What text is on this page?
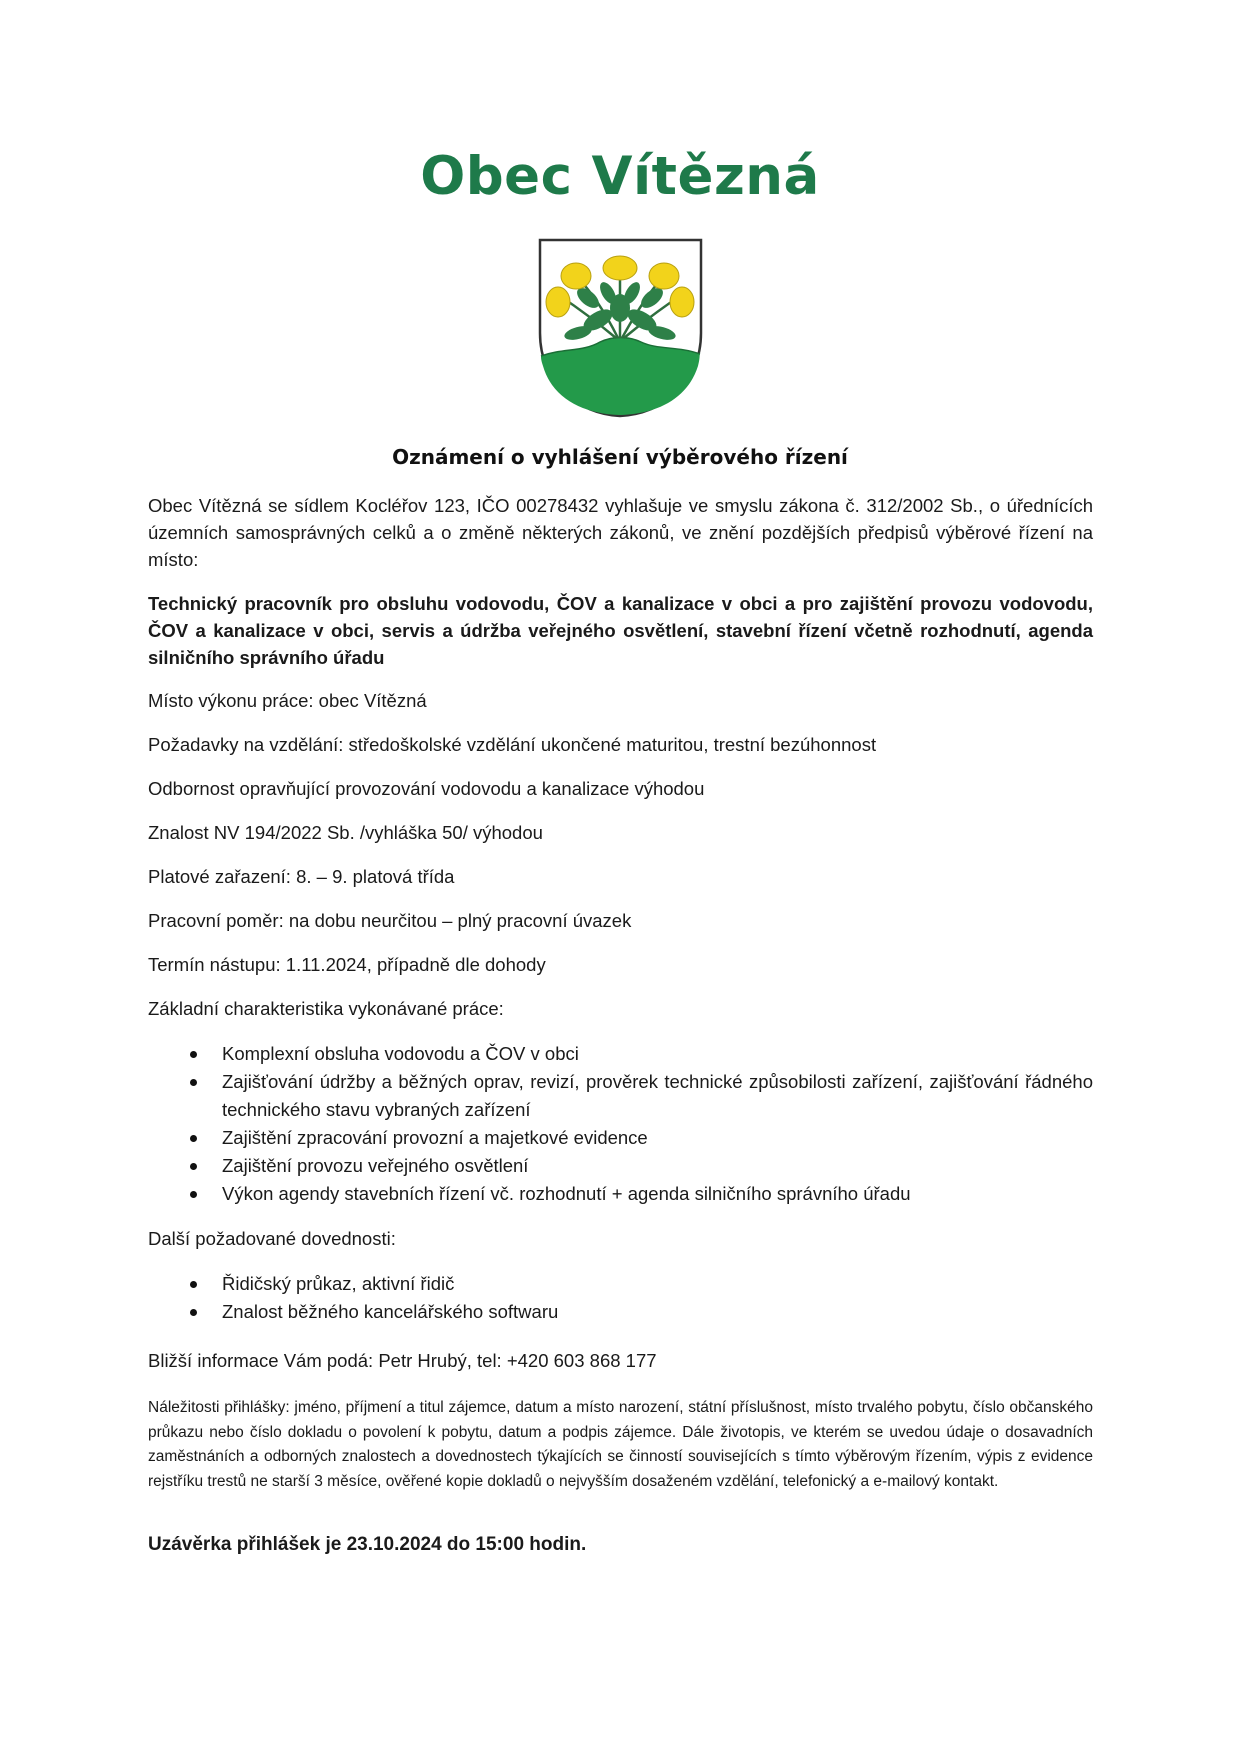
Obec Vítězná
Oznámení o vyhlášení výběrového řízení
Obec Vítězná se sídlem Kocléřov 123, IČO 00278432 vyhlašuje ve smyslu zákona č. 312/2002 Sb., o úřednících územních samosprávných celků a o změně některých zákonů, ve znění pozdějších předpisů výběrové řízení na místo:
Technický pracovník pro obsluhu vodovodu, ČOV a kanalizace v obci a pro zajištění provozu vodovodu, ČOV a kanalizace v obci, servis a údržba veřejného osvětlení, stavební řízení včetně rozhodnutí, agenda silničního správního úřadu
Místo výkonu práce: obec Vítězná
Požadavky na vzdělání: středoškolské vzdělání ukončené maturitou, trestní bezúhonnost
Odbornost opravňující provozování vodovodu a kanalizace výhodou
Znalost NV 194/2022 Sb. /vyhláška 50/ výhodou
Platové zařazení: 8. – 9. platová třída
Pracovní poměr: na dobu neurčitou – plný pracovní úvazek
Termín nástupu: 1.11.2024, případně dle dohody
Základní charakteristika vykonávané práce:
Komplexní obsluha vodovodu a ČOV v obci
Zajišťování údržby a běžných oprav, revizí, prověrek technické způsobilosti zařízení, zajišťování řádného technického stavu vybraných zařízení
Zajištění zpracování provozní a majetkové evidence
Zajištění provozu veřejného osvětlení
Výkon agendy stavebních řízení vč. rozhodnutí + agenda silničního správního úřadu
Další požadované dovednosti:
Řidičský průkaz, aktivní řidič
Znalost běžného kancelářského softwaru
Bližší informace Vám podá: Petr Hrubý, tel: +420 603 868 177
Náležitosti přihlášky: jméno, příjmení a titul zájemce, datum a místo narození, státní příslušnost, místo trvalého pobytu, číslo občanského průkazu nebo číslo dokladu o povolení k pobytu, datum a podpis zájemce. Dále životopis, ve kterém se uvedou údaje o dosavadních zaměstnáních a odborných znalostech a dovednostech týkajících se činností souvisejících s tímto výběrovým řízením, výpis z evidence rejstříku trestů ne starší 3 měsíce, ověřené kopie dokladů o nejvyšším dosaženém vzdělání, telefonický a e-mailový kontakt.
Uzávěrka přihlášek je 23.10.2024 do 15:00 hodin.
